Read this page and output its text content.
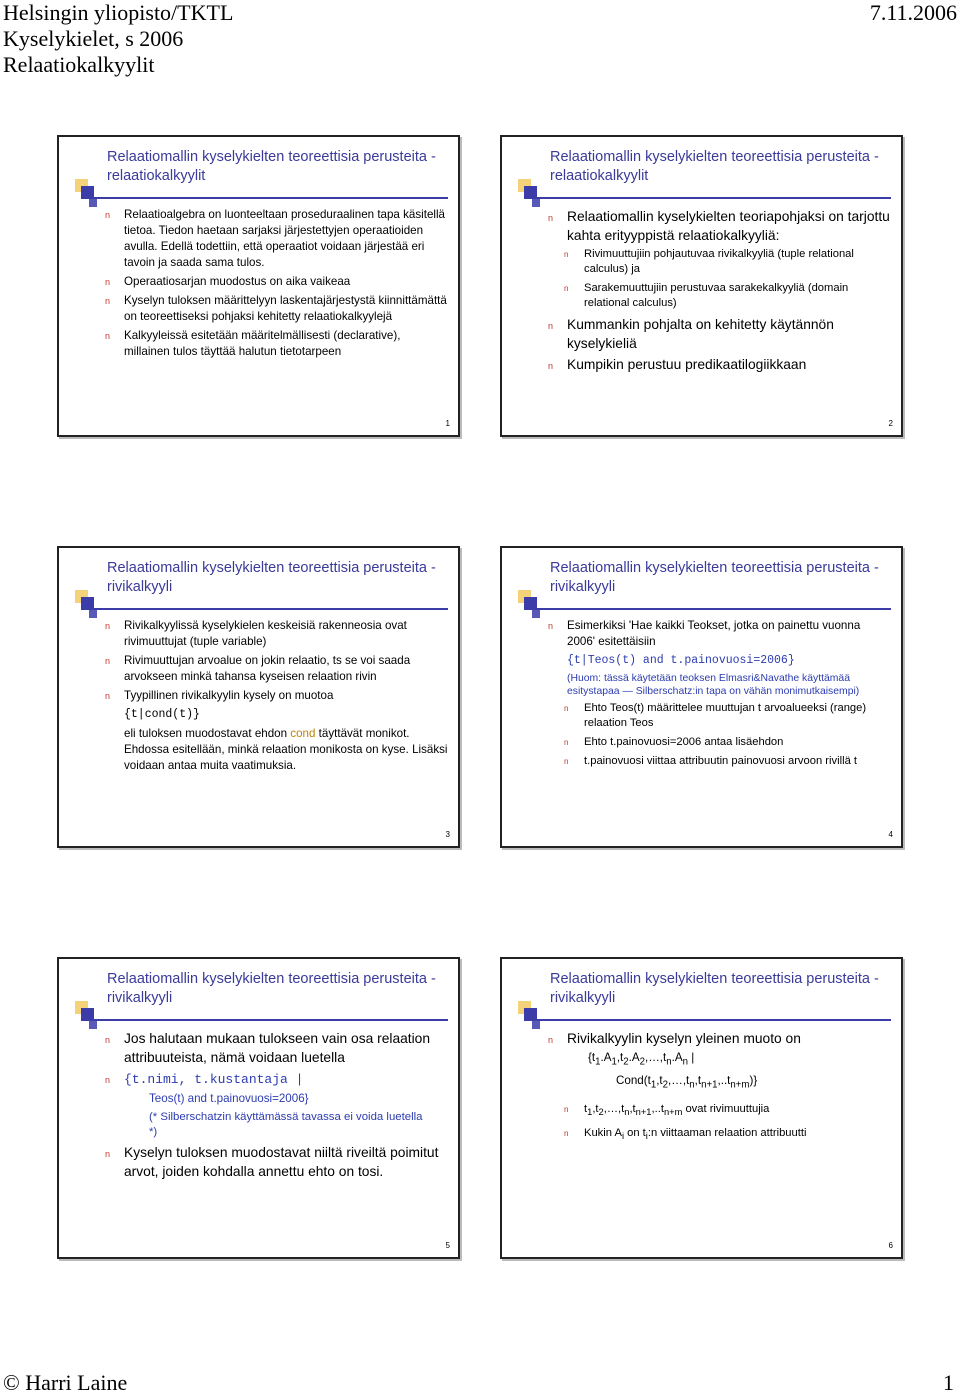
Helsingin yliopisto/TKTL
Kyselykielet, s 2006
Relaatiokalkyylit
7.11.2006
Relaatiomallin kyselykielten teoreettisia perusteita - relaatiokalkyylit
n Relaatioalgebra on luonteeltaan proseduraalinen tapa käsitellä tietoa. Tiedon haetaan sarjaksi järjestettyjen operaatioiden avulla. Edellä todettiin, että operaatiot voidaan järjestää eri tavoin ja saada sama tulos.
n Operaatiosarjan muodostus on aika vaikeaa
n Kyselyn tuloksen määrittelyyn laskentajärjestystä kiinnittämättä on teoreettiseksi pohjaksi kehitetty relaatiokalkyylejä
n Kalkyyleissä esitetään määritelmällisesti (declarative), millainen tulos täyttää halutun tietotarpeen
1
Relaatiomallin kyselykielten teoreettisia perusteita - relaatiokalkyylit
n Relaatiomallin kyselykielten teoriapohjaksi on tarjottu kahta erityyppistä relaatiokalkyyliä:
n Rivimuuttujiin pohjautuvaa rivikalkyyliä (tuple relational calculus) ja
n Sarakemuuttujiin perustuvaa sarakekalkyyliä (domain relational calculus)
n Kummankin pohjalta on kehitetty käytännön kyselykieliä
n Kumpikin perustuu predikaatilogiikkaan
2
Relaatiomallin kyselykielten teoreettisia perusteita - rivikalkyyli
n Rivikalkyylissä kyselykielen keskeisiä rakenneosia ovat rivimuuttujat (tuple variable)
n Rivimuuttujan arvoalue on jokin relaatio, ts se voi saada arvokseen minkä tahansa kyseisen relaation rivin
n Tyypillinen rivikalkyylin kysely on muotoa
{t|cond(t)}
eli tuloksen muodostavat ehdon cond täyttävät monikot. Ehdossa esitellään, minkä relaation monikosta on kyse. Lisäksi voidaan antaa muita vaatimuksia.
3
Relaatiomallin kyselykielten teoreettisia perusteita - rivikalkyyli
n Esimerkiksi 'Hae kaikki Teokset, jotka on painettu vuonna 2006' esitettäisiin
{t|Teos(t) and t.painovuosi=2006}
(Huom: tässä käytetään teoksen Elmasri&Navathe käyttämää esitystapaa — Silberschatz:in tapa on vähän monimutkaisempi)
n Ehto Teos(t) määrittelee muuttujan t arvoalueeksi (range) relaation Teos
n Ehto t.painovuosi=2006 antaa lisäehdon
n t.painovuosi viittaa attribuutin painovuosi arvoon rivillä t
4
Relaatiomallin kyselykielten teoreettisia perusteita - rivikalkyyli
n Jos halutaan mukaan tulokseen vain osa relaation attribuuteista, nämä voidaan luetella
n {t.nimi, t.kustantaja |
Teos(t) and t.painovuosi=2006}
(* Silberschatzin käyttämässä tavassa ei voida luetella *)
n Kyselyn tuloksen muodostavat niiltä riveiltä poimitut arvot, joiden kohdalla annettu ehto on tosi.
5
Relaatiomallin kyselykielten teoreettisia perusteita - rivikalkyyli
n Rivikalkyylin kyselyn yleinen muoto on
{$t_1.A_1,t_2.A_2,\dots,t_n.A_n$ |
$Cond(t_1,t_2,\dots,t_n,t_{n+1},..t_{n+m})$}
n $t_1,t_2,\dots,t_n,t_{n+1},..t_{n+m}$ ovat rivimuuttujia
n Kukin $A_i$ on $t_i:n$ viittaaman relaation attribuutti
6
© Harri Laine	1
